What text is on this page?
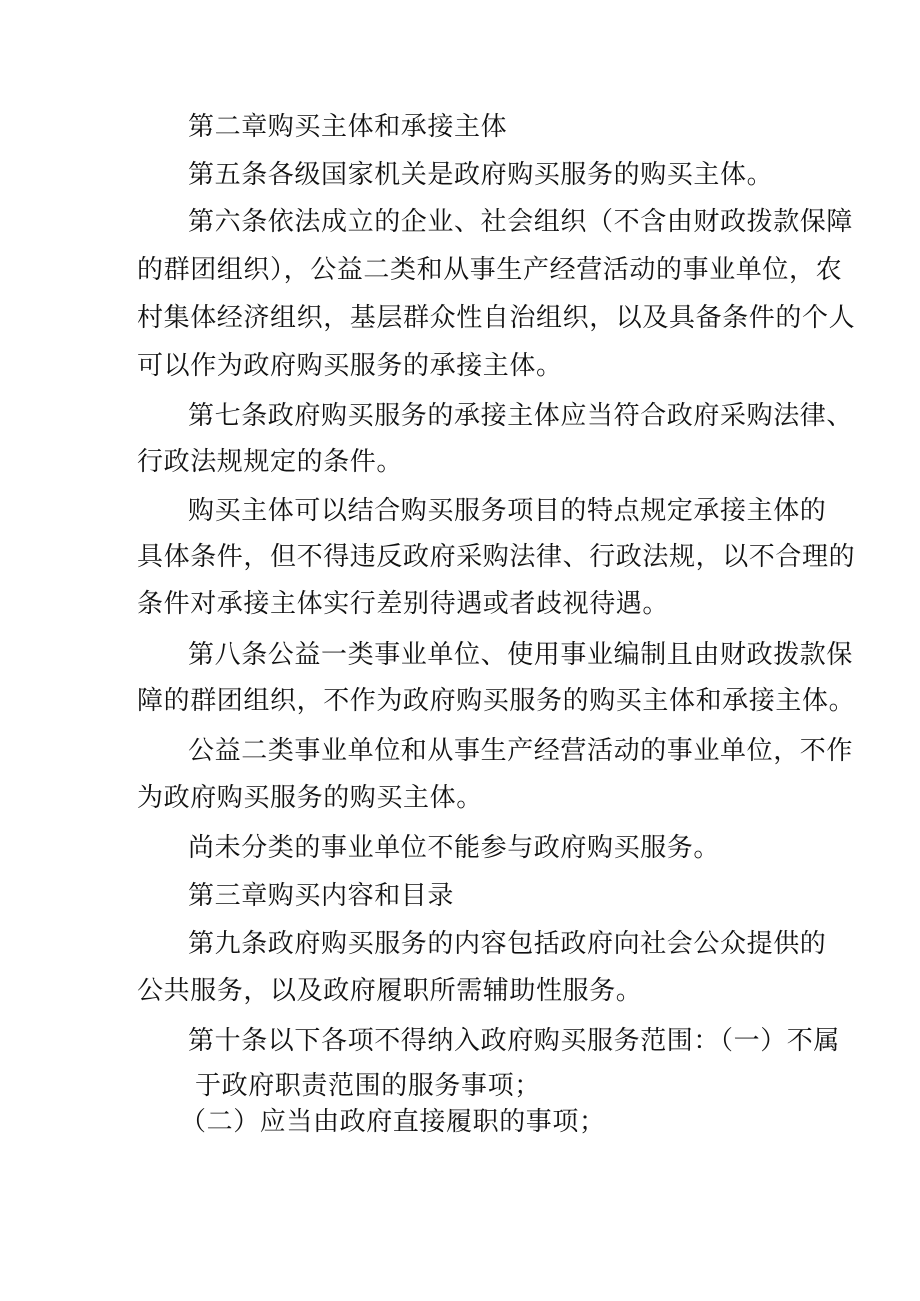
第二章购买主体和承接主体
第五条各级国家机关是政府购买服务的购买主体。
第六条依法成立的企业、社会组织（不含由财政拨款保障
的群团组织），公益二类和从事生产经营活动的事业单位，农
村集体经济组织，基层群众性自治组织，以及具备条件的个人
可以作为政府购买服务的承接主体。
第七条政府购买服务的承接主体应当符合政府采购法律、
行政法规规定的条件。
购买主体可以结合购买服务项目的特点规定承接主体的
具体条件，但不得违反政府采购法律、行政法规，以不合理的
条件对承接主体实行差别待遇或者歧视待遇。
第八条公益一类事业单位、使用事业编制且由财政拨款保
障的群团组织，不作为政府购买服务的购买主体和承接主体。
公益二类事业单位和从事生产经营活动的事业单位，不作
为政府购买服务的购买主体。
尚未分类的事业单位不能参与政府购买服务。
第三章购买内容和目录
第九条政府购买服务的内容包括政府向社会公众提供的
公共服务，以及政府履职所需辅助性服务。
第十条以下各项不得纳入政府购买服务范围：（一）不属
于政府职责范围的服务事项；
（二）应当由政府直接履职的事项；
